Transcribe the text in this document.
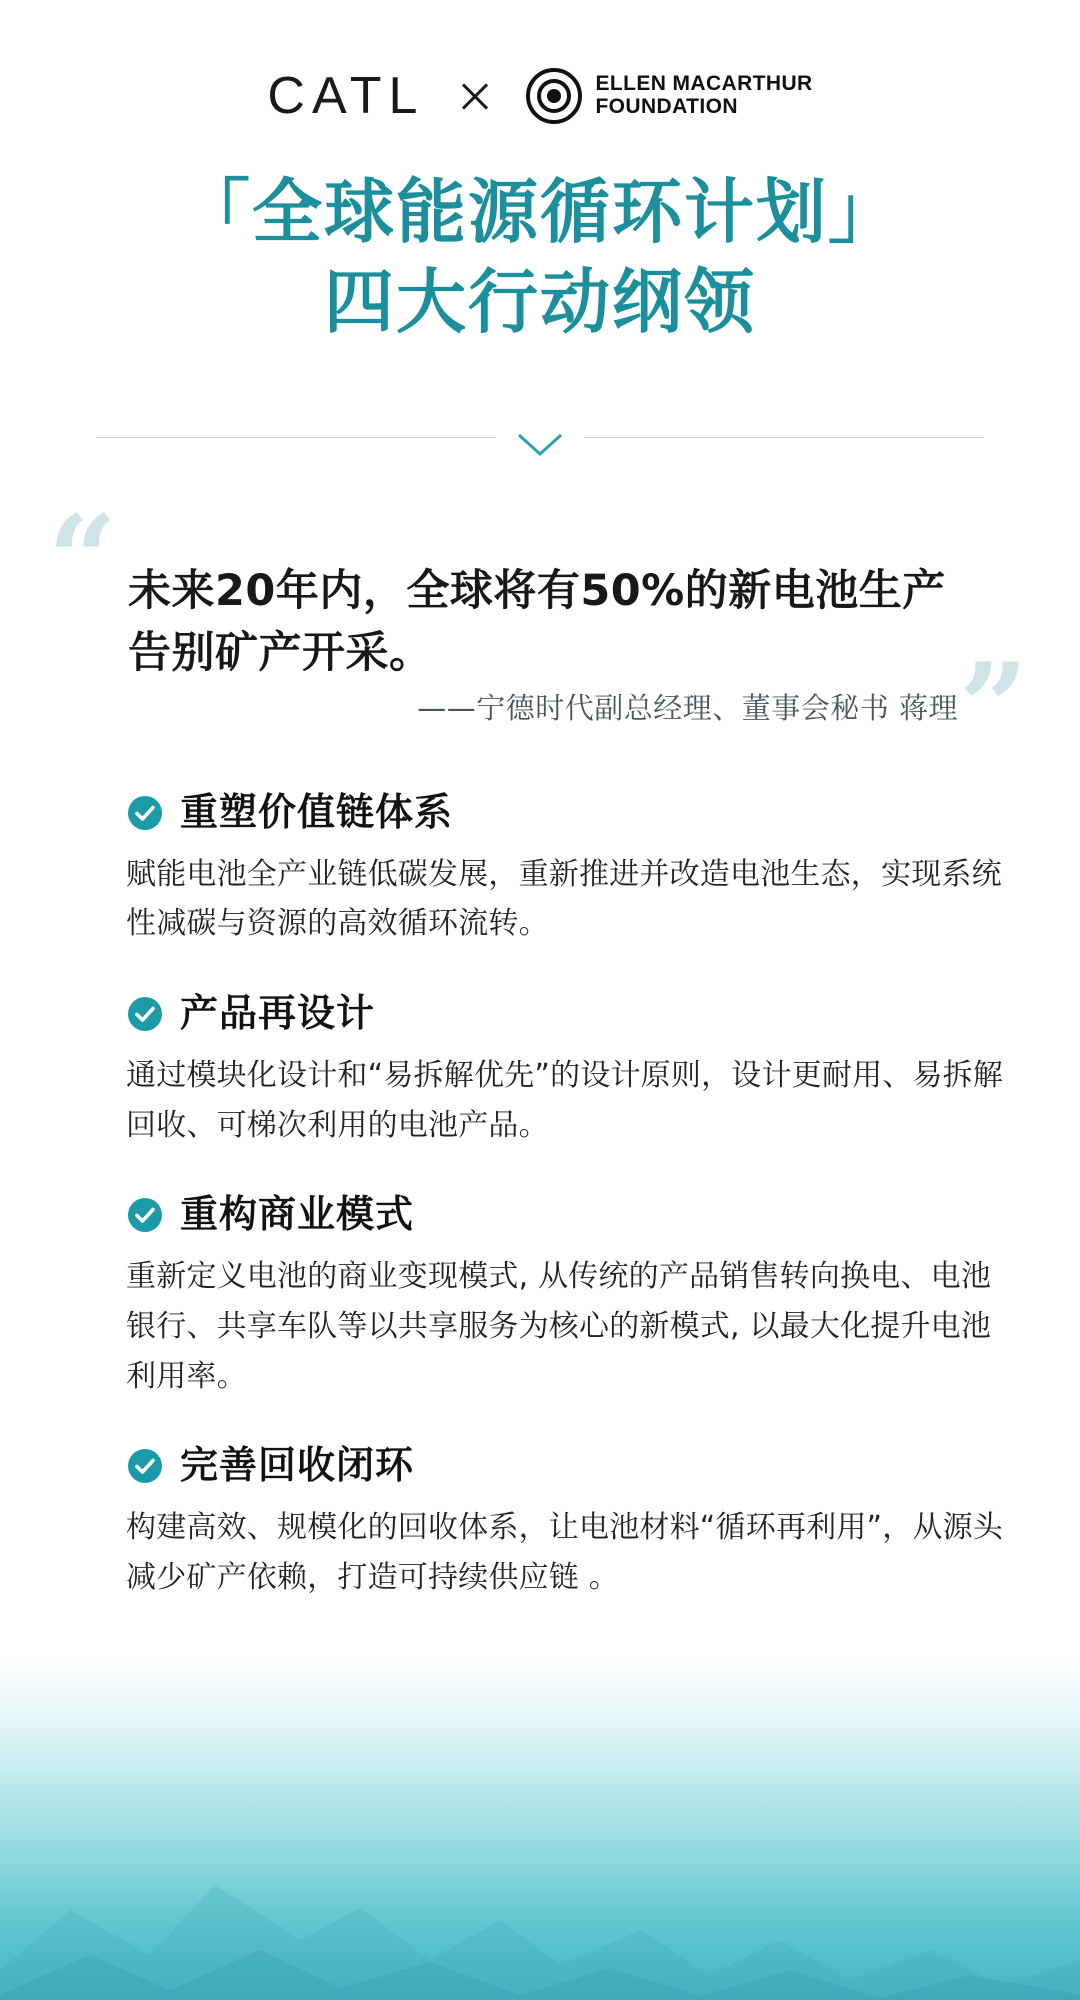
CATL	ELLEN MACARTHUR
FOUNDATION
「全球能源循环计划」
四大行动纲领
“ 未来20年内，全球将有50%的新电池生产告别矿产开采。	”
——宁德时代副总经理、董事会秘书 蒋理
重塑价值链体系
赋能电池全产业链低碳发展，重新推进并改造电池生态，实现系统性减碳与资源的高效循环流转。
产品再设计
通过模块化设计和“易拆解优先”的设计原则，设计更耐用、易拆解回收、可梯次利用的电池产品。
重构商业模式
重新定义电池的商业变现模式, 从传统的产品销售转向换电、电池银行、共享车队等以共享服务为核心的新模式, 以最大化提升电池利用率。
完善回收闭环
构建高效、规模化的回收体系，让电池材料“循环再利用”，从源头减少矿产依赖，打造可持续供应链 。
